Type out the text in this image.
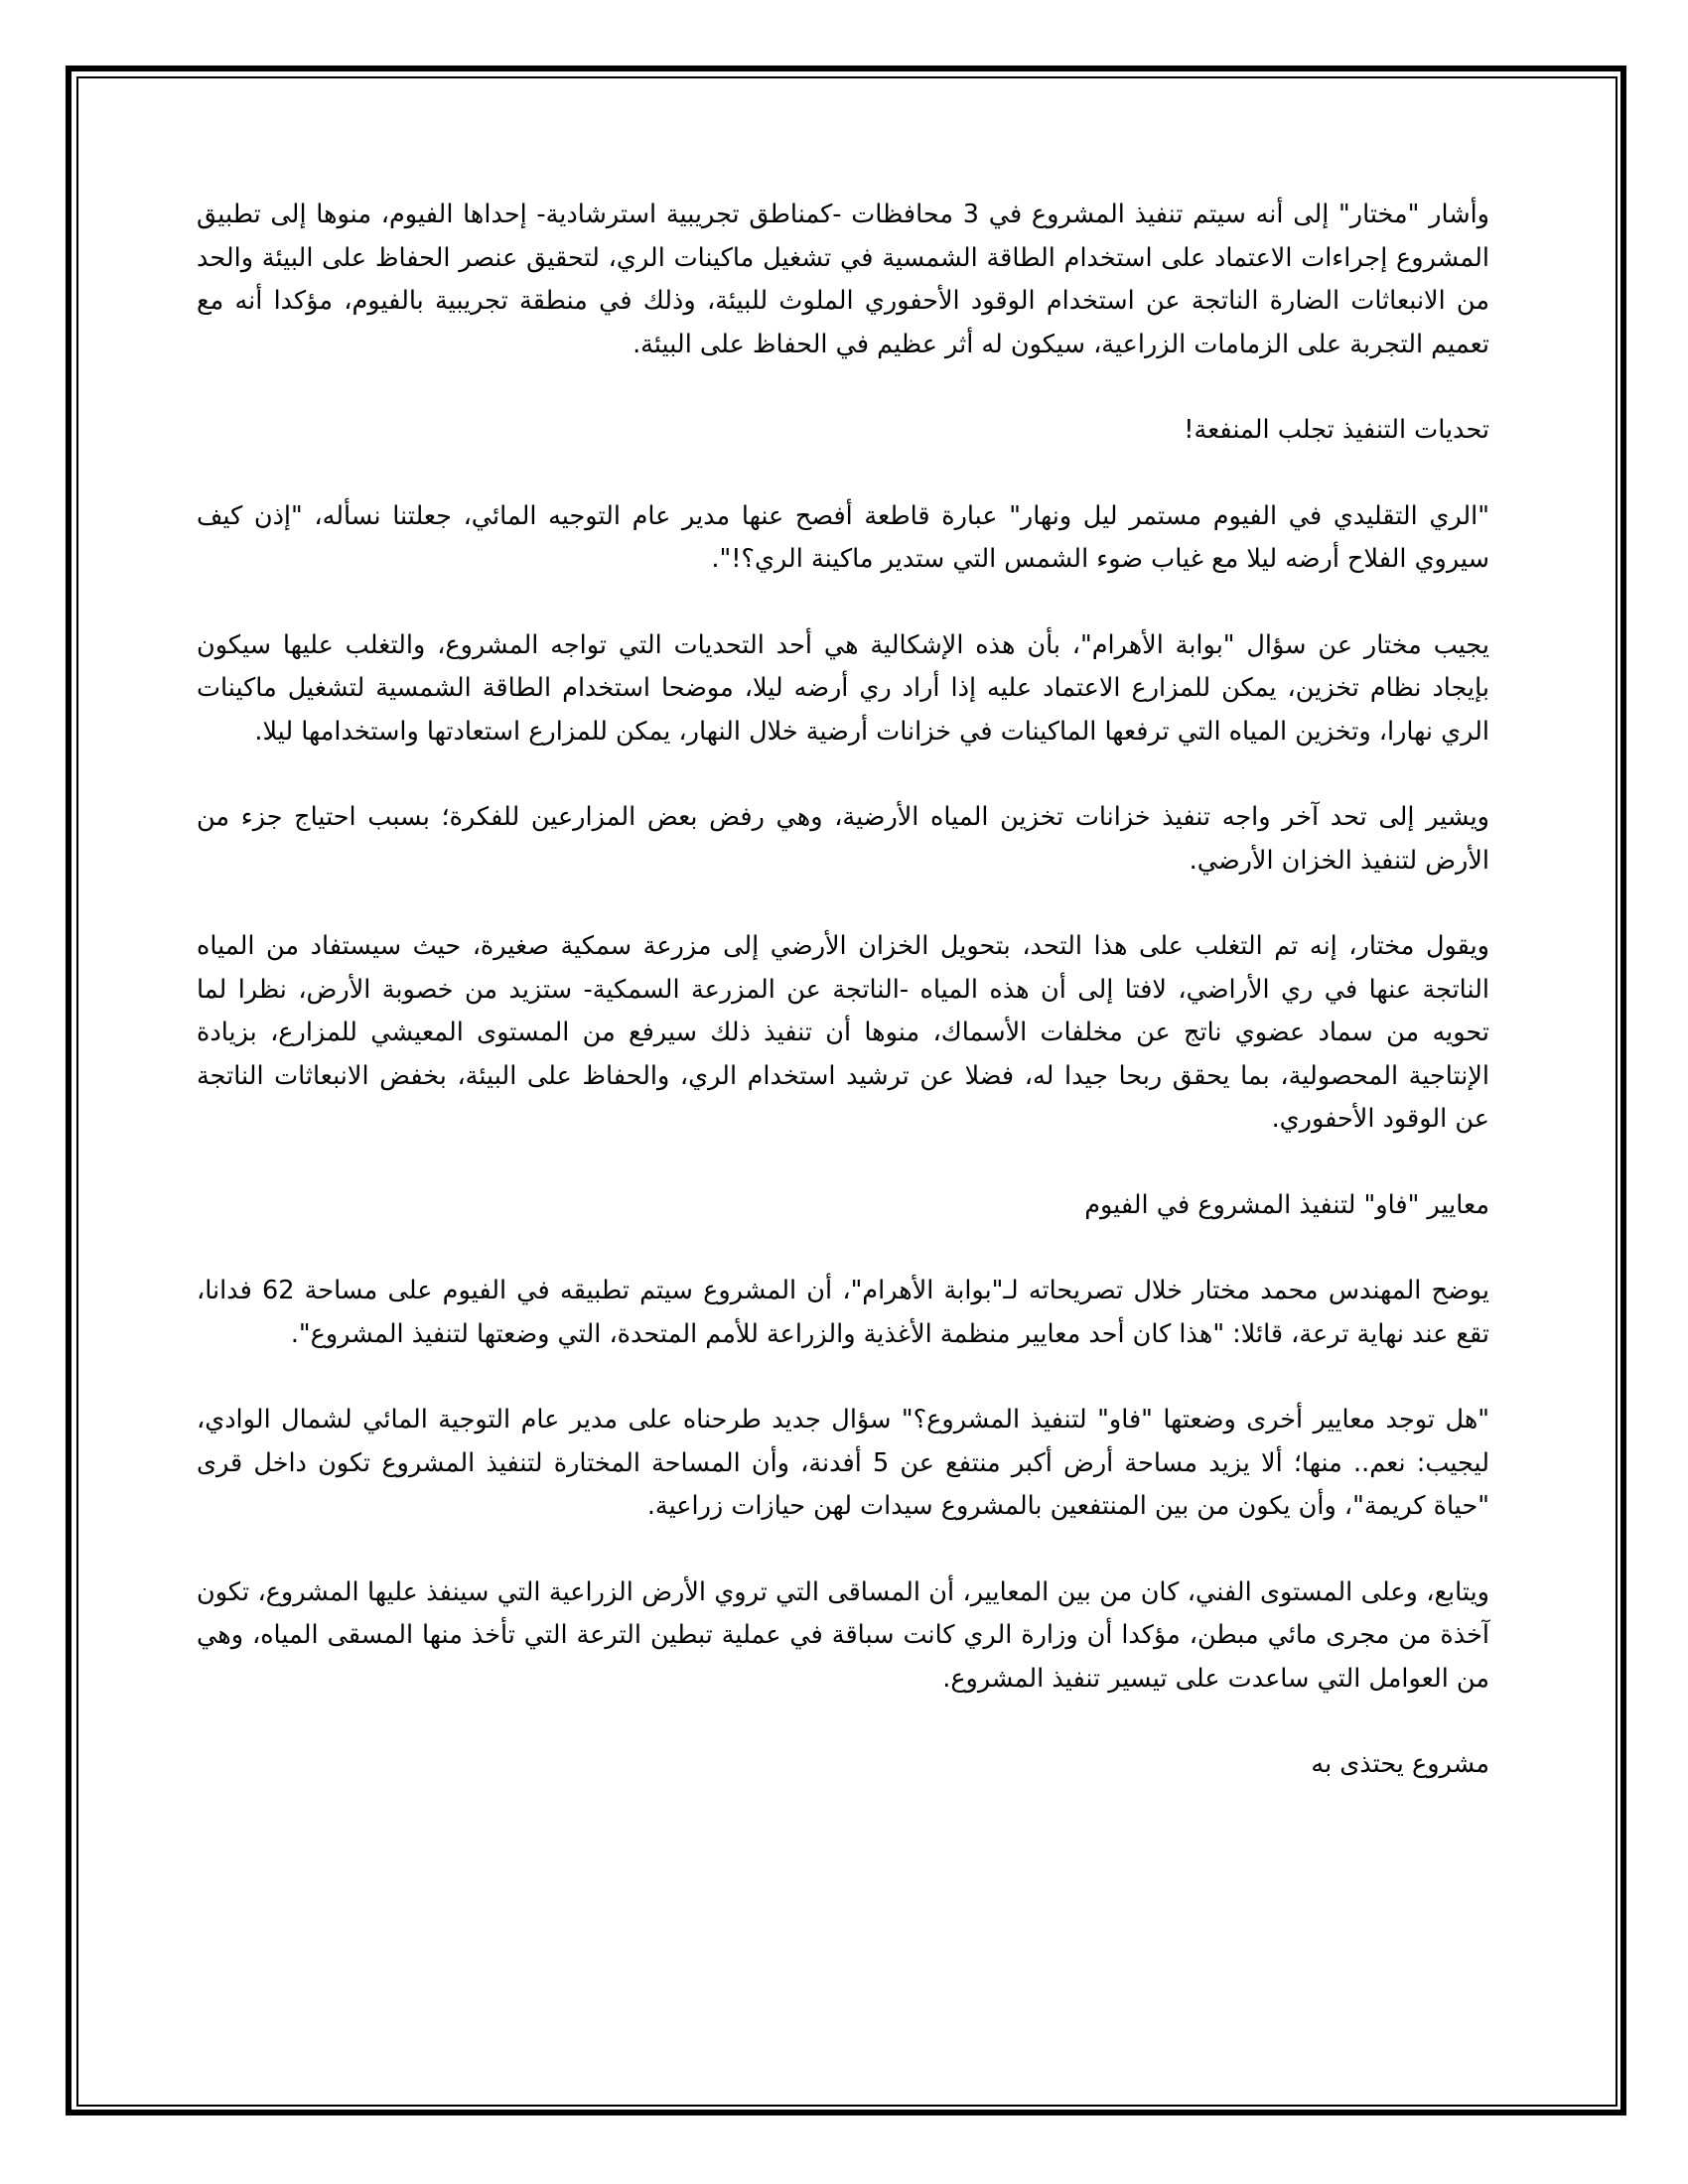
وأشار "مختار" إلى أنه سيتم تنفيذ المشروع في 3 محافظات -كمناطق تجريبية استرشادية- إحداها الفيوم، منوها إلى تطبيق المشروع إجراءات الاعتماد على استخدام الطاقة الشمسية في تشغيل ماكينات الري، لتحقيق عنصر الحفاظ على البيئة والحد من الانبعاثات الضارة الناتجة عن استخدام الوقود الأحفوري الملوث للبيئة، وذلك في منطقة تجريبية بالفيوم، مؤكدا أنه مع تعميم التجربة على الزمامات الزراعية، سيكون له أثر عظيم في الحفاظ على البيئة.

تحديات التنفيذ تجلب المنفعة!

"الري التقليدي في الفيوم مستمر ليل ونهار" عبارة قاطعة أفصح عنها مدير عام التوجيه المائي، جعلتنا نسأله، "إذن كيف سيروي الفلاح أرضه ليلا مع غياب ضوء الشمس التي ستدير ماكينة الري؟!".

يجيب مختار عن سؤال "بوابة الأهرام"، بأن هذه الإشكالية هي أحد التحديات التي تواجه المشروع، والتغلب عليها سيكون بإيجاد نظام تخزين، يمكن للمزارع الاعتماد عليه إذا أراد ري أرضه ليلا، موضحا استخدام الطاقة الشمسية لتشغيل ماكينات الري نهارا، وتخزين المياه التي ترفعها الماكينات في خزانات أرضية خلال النهار، يمكن للمزارع استعادتها واستخدامها ليلا.

ويشير إلى تحد آخر واجه تنفيذ خزانات تخزين المياه الأرضية، وهي رفض بعض المزارعين للفكرة؛ بسبب احتياج جزء من الأرض لتنفيذ الخزان الأرضي.

ويقول مختار، إنه تم التغلب على هذا التحد، بتحويل الخزان الأرضي إلى مزرعة سمكية صغيرة، حيث سيستفاد من المياه الناتجة عنها في ري الأراضي، لافتا إلى أن هذه المياه -الناتجة عن المزرعة السمكية- ستزيد من خصوبة الأرض، نظرا لما تحويه من سماد عضوي ناتج عن مخلفات الأسماك، منوها أن تنفيذ ذلك سيرفع من المستوى المعيشي للمزارع، بزيادة الإنتاجية المحصولية، بما يحقق ربحا جيدا له، فضلا عن ترشيد استخدام الري، والحفاظ على البيئة، بخفض الانبعاثات الناتجة عن الوقود الأحفوري.

معايير "فاو" لتنفيذ المشروع في الفيوم

يوضح المهندس محمد مختار خلال تصريحاته لـ"بوابة الأهرام"، أن المشروع سيتم تطبيقه في الفيوم على مساحة 62 فدانا، تقع عند نهاية ترعة، قائلا: "هذا كان أحد معايير منظمة الأغذية والزراعة للأمم المتحدة، التي وضعتها لتنفيذ المشروع".

"هل توجد معايير أخرى وضعتها "فاو" لتنفيذ المشروع؟" سؤال جديد طرحناه على مدير عام التوجية المائي لشمال الوادي، ليجيب: نعم.. منها؛ ألا يزيد مساحة أرض أكبر منتفع عن 5 أفدنة، وأن المساحة المختارة لتنفيذ المشروع تكون داخل قرى "حياة كريمة"، وأن يكون من بين المنتفعين بالمشروع سيدات لهن حيازات زراعية.

ويتابع، وعلى المستوى الفني، كان من بين المعايير، أن المساقى التي تروي الأرض الزراعية التي سينفذ عليها المشروع، تكون آخذة من مجرى مائي مبطن، مؤكدا أن وزارة الري كانت سباقة في عملية تبطين الترعة التي تأخذ منها المسقى المياه، وهي من العوامل التي ساعدت على تيسير تنفيذ المشروع.

مشروع يحتذى به
